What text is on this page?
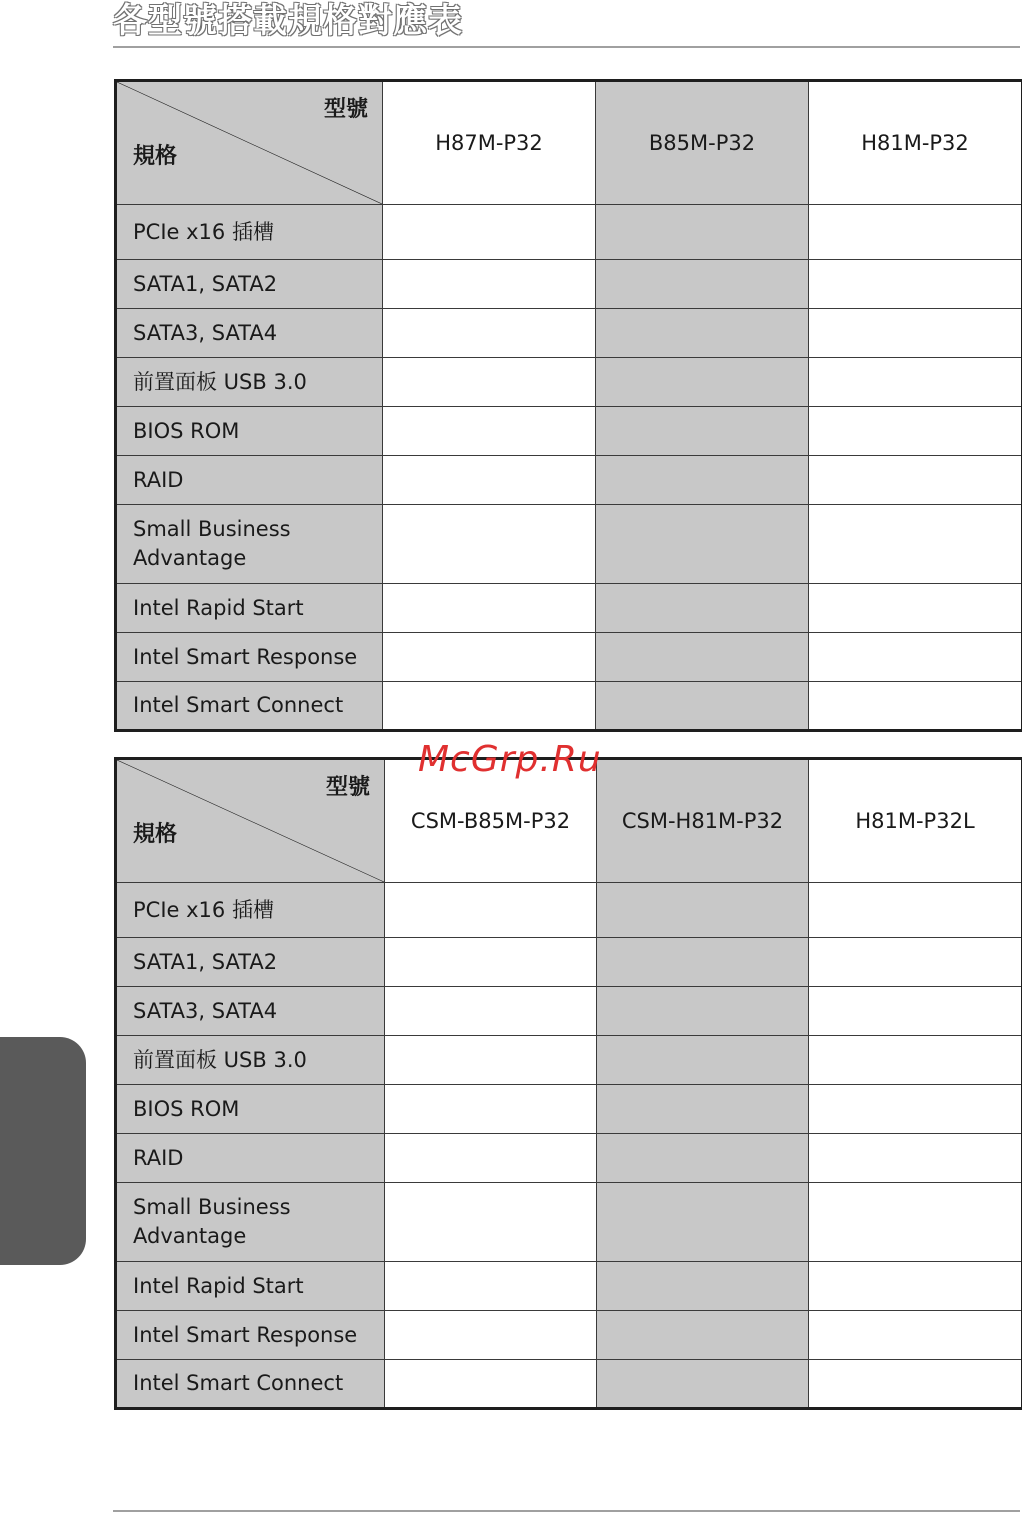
各型號搭載規格對應表
型號
規格	H87M-P32	B85M-P32	H81M-P32
PCIe x16 插槽			
SATA1, SATA2			
SATA3, SATA4			
前置面板 USB 3.0			
BIOS ROM			
RAID			
Small Business Advantage			
Intel Rapid Start			
Intel Smart Response			
Intel Smart Connect			
型號
規格	CSM-B85M-P32	CSM-H81M-P32	H81M-P32L
PCIe x16 插槽			
SATA1, SATA2			
SATA3, SATA4			
前置面板 USB 3.0			
BIOS ROM			
RAID			
Small Business Advantage			
Intel Rapid Start			
Intel Smart Response			
Intel Smart Connect			
McGrp.Ru
